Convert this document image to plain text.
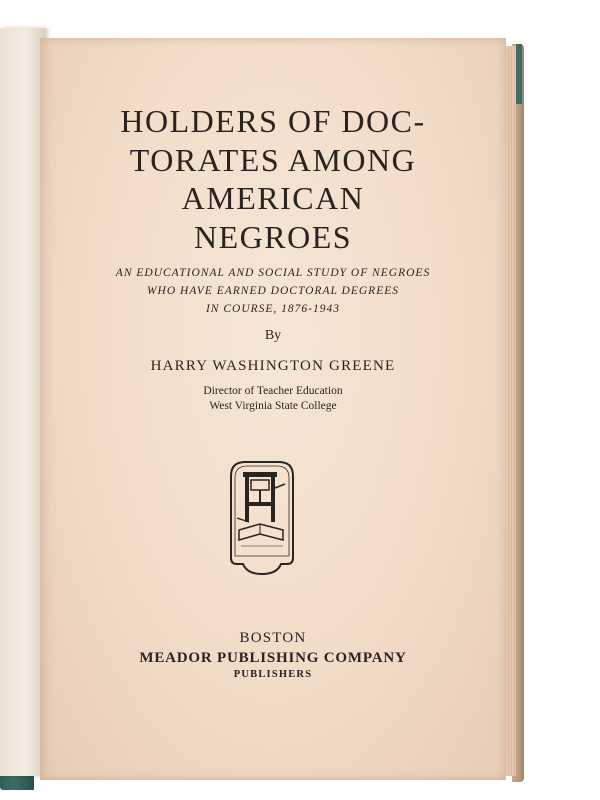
HOLDERS OF DOC-
TORATES AMONG
AMERICAN
NEGROES
AN EDUCATIONAL AND SOCIAL STUDY OF NEGROES
WHO HAVE EARNED DOCTORAL DEGREES
IN COURSE, 1876-1943
By
HARRY WASHINGTON GREENE
Director of Teacher Education
West Virginia State College
BOSTON
MEADOR PUBLISHING COMPANY
PUBLISHERS
